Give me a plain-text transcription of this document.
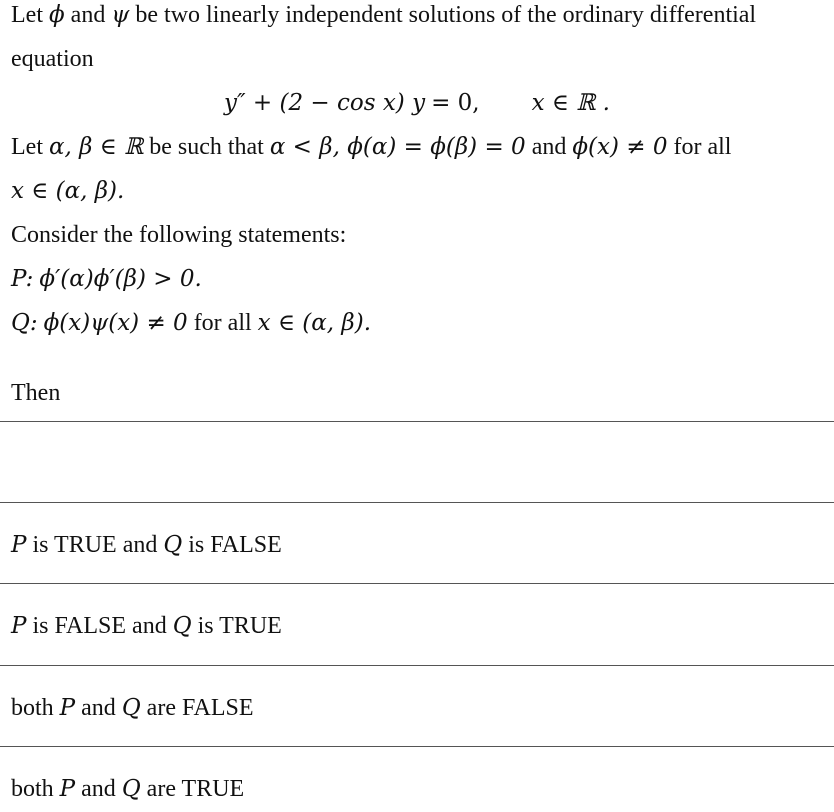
Let ϕ and ψ be two linearly independent solutions of the ordinary differential
equation
y″ + (2 − cos x) y = 0, x ∈ ℝ .
Let α, β ∈ ℝ be such that α < β, ϕ(α) = ϕ(β) = 0 and ϕ(x) ≠ 0 for all
x ∈ (α, β).
Consider the following statements:
P: ϕ′(α)ϕ′(β) > 0.
Q: ϕ(x)ψ(x) ≠ 0 for all x ∈ (α, β).
Then
P is TRUE and Q is FALSE
P is FALSE and Q is TRUE
both P and Q are FALSE
both P and Q are TRUE
